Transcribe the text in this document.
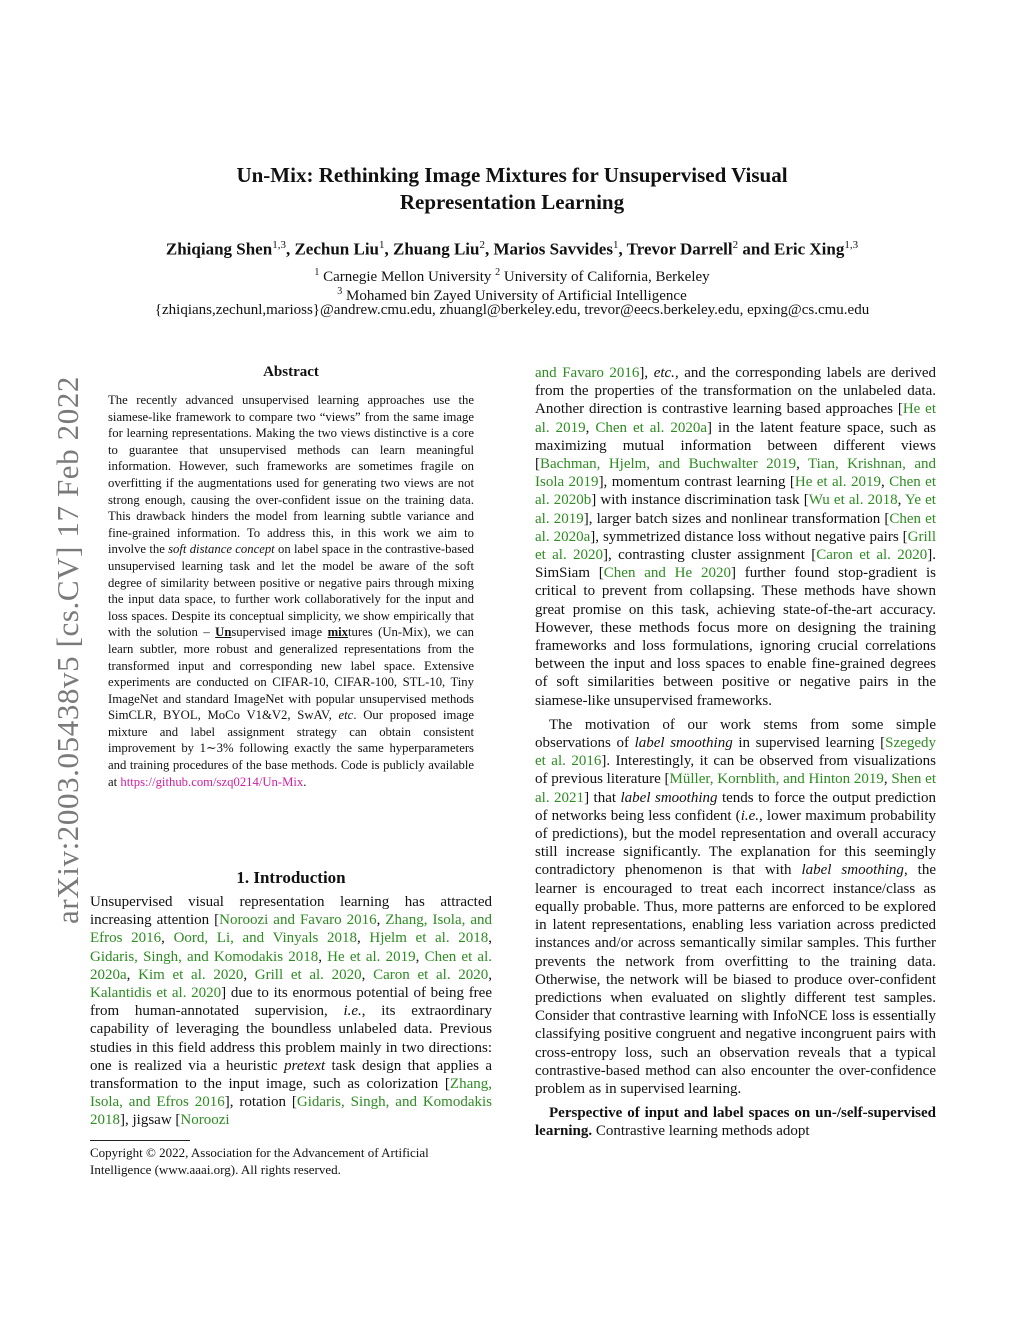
arXiv:2003.05438v5 [cs.CV] 17 Feb 2022
Un-Mix: Rethinking Image Mixtures for Unsupervised Visual
Representation Learning
Zhiqiang Shen$^{1,3}$, Zechun Liu$^1$, Zhuang Liu$^2$, Marios Savvides$^1$, Trevor Darrell$^2$ and Eric Xing$^{1,3}$
$^1$ Carnegie Mellon University $^2$ University of California, Berkeley
$^3$ Mohamed bin Zayed University of Artificial Intelligence
{zhiqians,zechunl,marioss}@andrew.cmu.edu, zhuangl@berkeley.edu, trevor@eecs.berkeley.edu, epxing@cs.cmu.edu
Abstract
The recently advanced unsupervised learning approaches use the siamese-like framework to compare two “views” from the same image for learning representations. Making the two views distinctive is a core to guarantee that unsupervised methods can learn meaningful information. However, such frameworks are sometimes fragile on overfitting if the augmentations used for generating two views are not strong enough, causing the over-confident issue on the training data. This drawback hinders the model from learning subtle variance and fine-grained information. To address this, in this work we aim to involve the soft distance concept on label space in the contrastive-based unsupervised learning task and let the model be aware of the soft degree of similarity between positive or negative pairs through mixing the input data space, to further work collaboratively for the input and loss spaces. Despite its conceptual simplicity, we show empirically that with the solution – Unsupervised image mixtures (Un-Mix), we can learn subtler, more robust and generalized representations from the transformed input and corresponding new label space. Extensive experiments are conducted on CIFAR-10, CIFAR-100, STL-10, Tiny ImageNet and standard ImageNet with popular unsupervised methods SimCLR, BYOL, MoCo V1&V2, SwAV, etc. Our proposed image mixture and label assignment strategy can obtain consistent improvement by 1∼3% following exactly the same hyperparameters and training procedures of the base methods. Code is publicly available at https://github.com/szq0214/Un-Mix.
1. Introduction

Unsupervised visual representation learning has attracted increasing attention [Noroozi and Favaro 2016, Zhang, Isola, and Efros 2016, Oord, Li, and Vinyals 2018, Hjelm et al. 2018, Gidaris, Singh, and Komodakis 2018, He et al. 2019, Chen et al. 2020a, Kim et al. 2020, Grill et al. 2020, Caron et al. 2020, Kalantidis et al. 2020] due to its enormous potential of being free from human-annotated supervision, i.e., its extraordinary capability of leveraging the boundless unlabeled data. Previous studies in this field address this problem mainly in two directions: one is realized via a heuristic pretext task design that applies a transformation to the input image, such as colorization [Zhang, Isola, and Efros 2016], rotation [Gidaris, Singh, and Komodakis 2018], jigsaw [Noroozi

Copyright © 2022, Association for the Advancement of Artificial Intelligence (www.aaai.org). All rights reserved.

and Favaro 2016], etc., and the corresponding labels are derived from the properties of the transformation on the unlabeled data. Another direction is contrastive learning based approaches [He et al. 2019, Chen et al. 2020a] in the latent feature space, such as maximizing mutual information between different views [Bachman, Hjelm, and Buchwalter 2019, Tian, Krishnan, and Isola 2019], momentum contrast learning [He et al. 2019, Chen et al. 2020b] with instance discrimination task [Wu et al. 2018, Ye et al. 2019], larger batch sizes and nonlinear transformation [Chen et al. 2020a], symmetrized distance loss without negative pairs [Grill et al. 2020], contrasting cluster assignment [Caron et al. 2020]. SimSiam [Chen and He 2020] further found stop-gradient is critical to prevent from collapsing. These methods have shown great promise on this task, achieving state-of-the-art accuracy. However, these methods focus more on designing the training frameworks and loss formulations, ignoring crucial correlations between the input and loss spaces to enable fine-grained degrees of soft similarities between positive or negative pairs in the siamese-like unsupervised frameworks.

The motivation of our work stems from some simple observations of label smoothing in supervised learning [Szegedy et al. 2016]. Interestingly, it can be observed from visualizations of previous literature [Müller, Kornblith, and Hinton 2019, Shen et al. 2021] that label smoothing tends to force the output prediction of networks being less confident (i.e., lower maximum probability of predictions), but the model representation and overall accuracy still increase significantly. The explanation for this seemingly contradictory phenomenon is that with label smoothing, the learner is encouraged to treat each incorrect instance/class as equally probable. Thus, more patterns are enforced to be explored in latent representations, enabling less variation across predicted instances and/or across semantically similar samples. This further prevents the network from overfitting to the training data. Otherwise, the network will be biased to produce over-confident predictions when evaluated on slightly different test samples. Consider that contrastive learning with InfoNCE loss is essentially classifying positive congruent and negative incongruent pairs with cross-entropy loss, such an observation reveals that a typical contrastive-based method can also encounter the over-confidence problem as in supervised learning.

Perspective of input and label spaces on un-/self-supervised learning. Contrastive learning methods adopt
